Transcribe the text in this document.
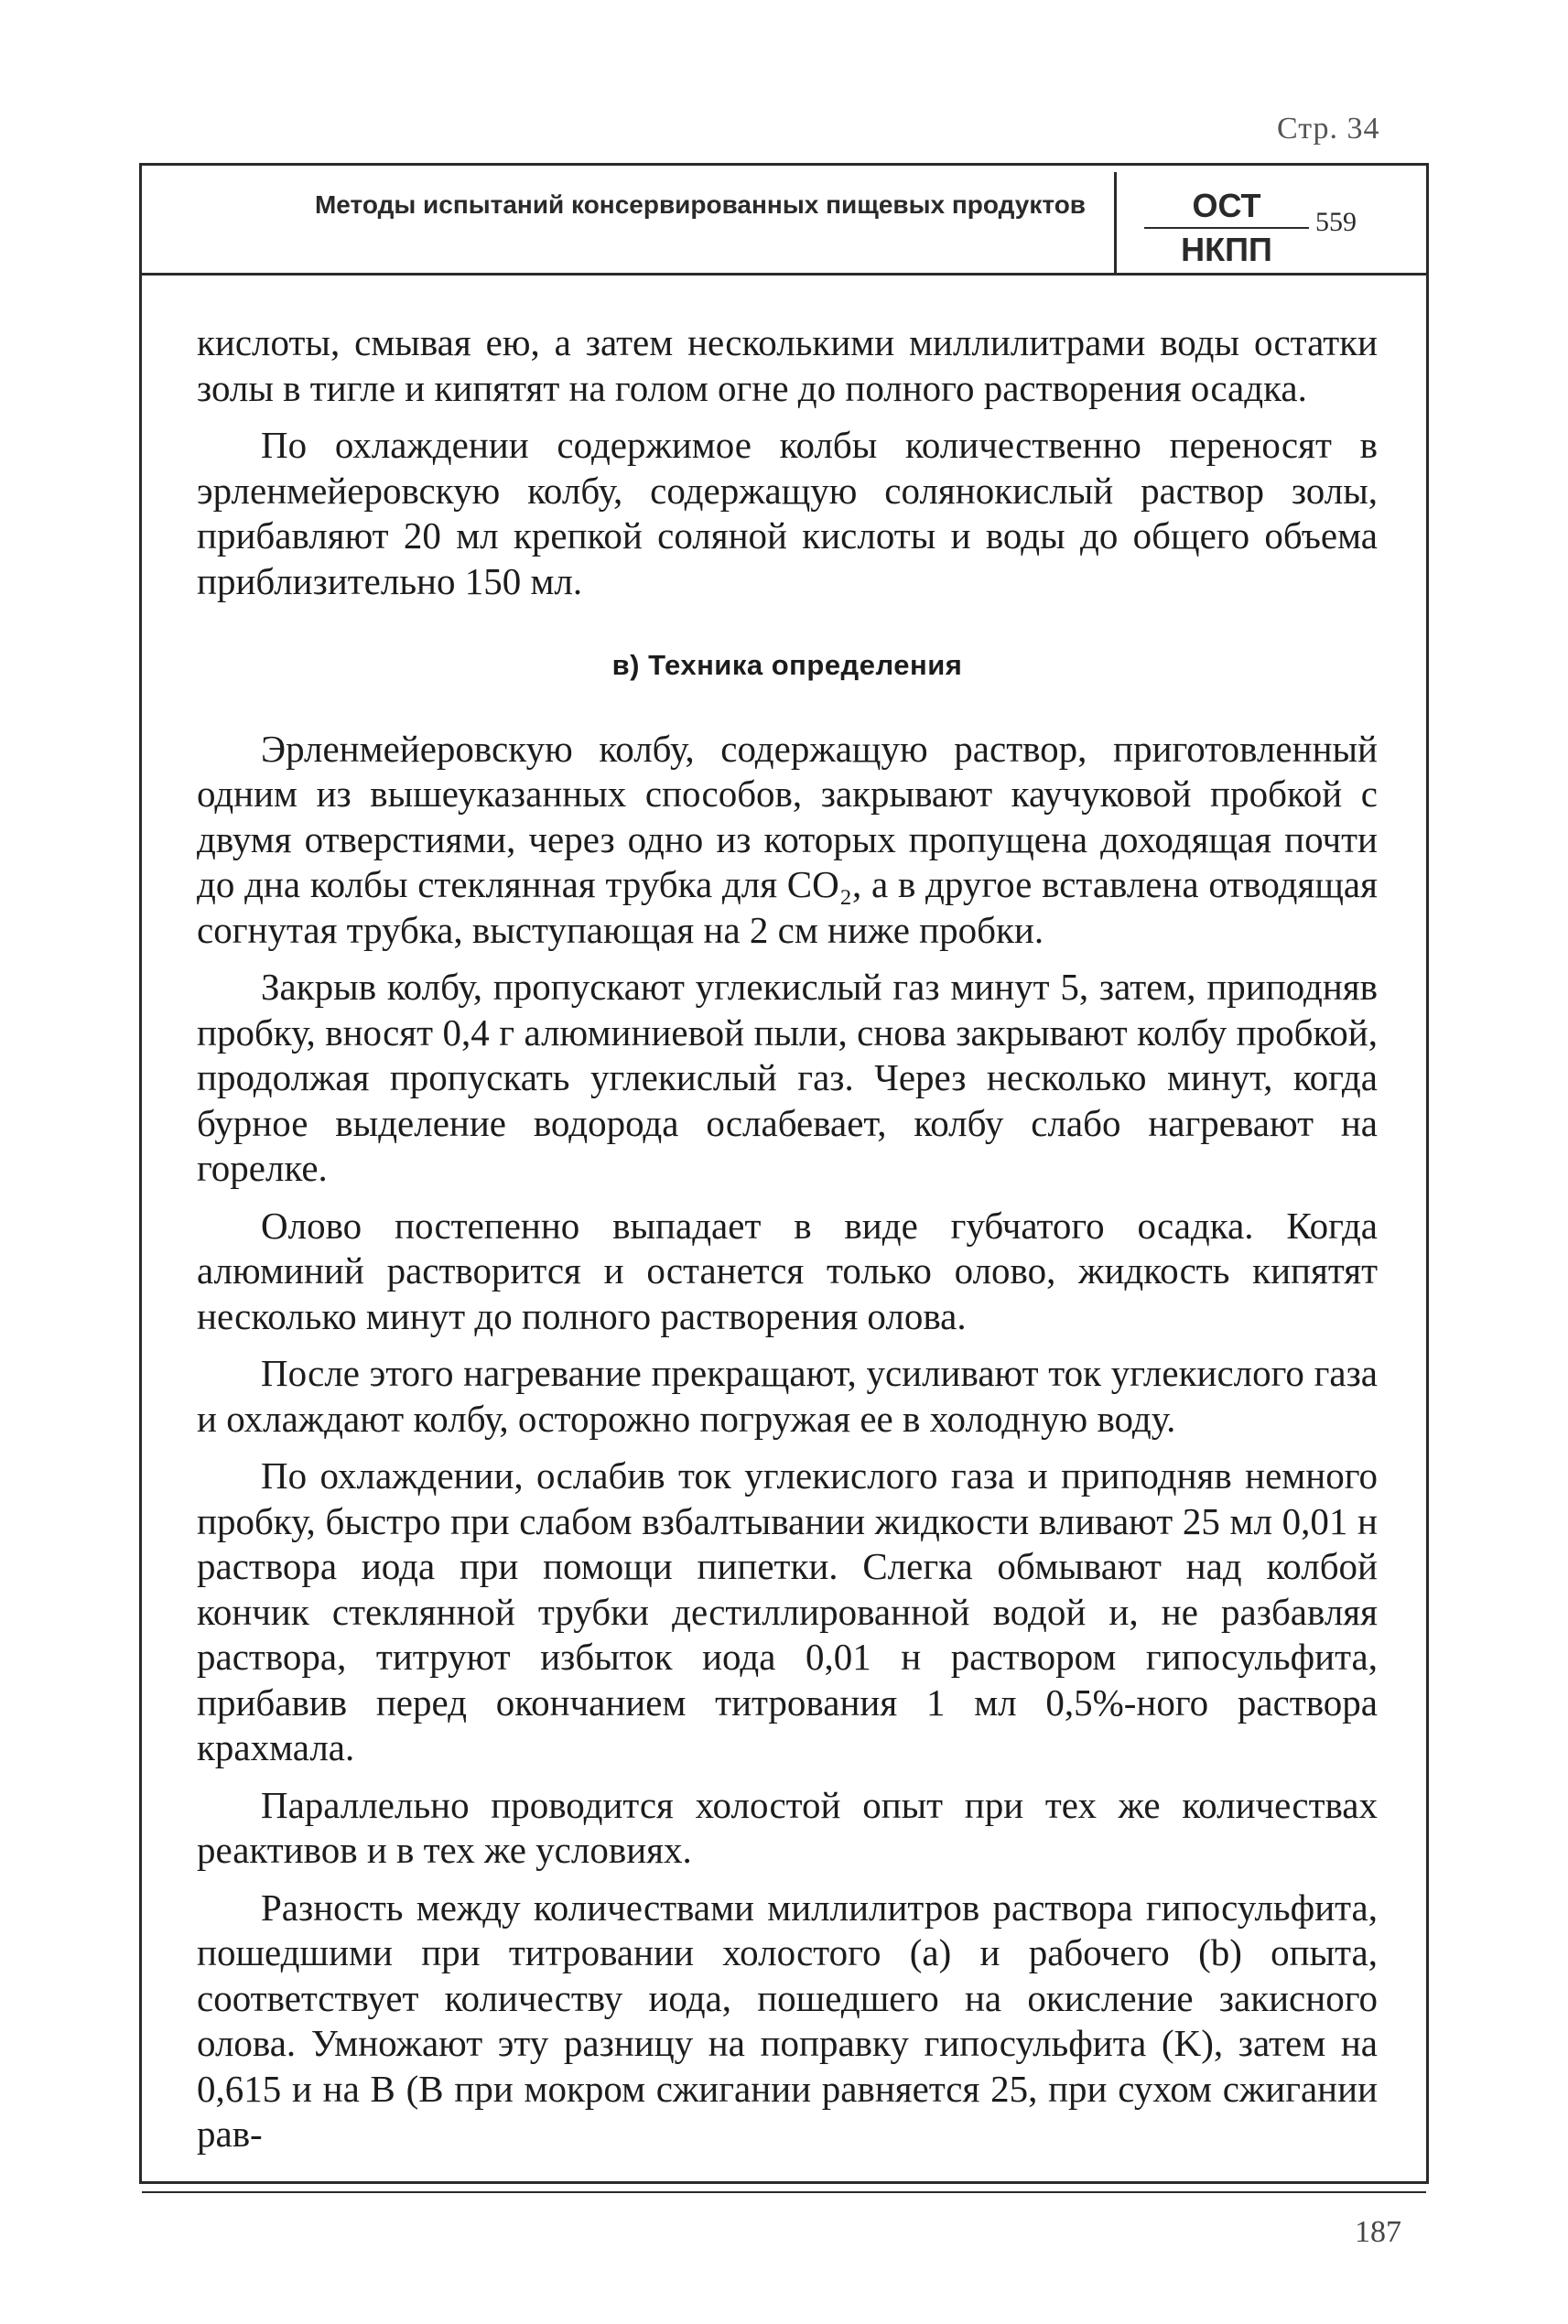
Стр. 34
Методы испытаний консервированных пищевых продуктов	ОСТ
НКПП
559

кислоты, смывая ею, а затем несколькими миллилитрами воды остатки золы в тигле и кипятят на голом огне до полного растворения осадка.

По охлаждении содержимое колбы количественно переносят в эрленмейеровскую колбу, содержащую солянокислый раствор золы, прибавляют 20 мл крепкой соляной кислоты и воды до общего объема приблизительно 150 мл.

в) Техника определения

Эрленмейеровскую колбу, содержащую раствор, приготовленный одним из вышеуказанных способов, закрывают каучуковой пробкой с двумя отверстиями, через одно из которых пропущена доходящая почти до дна колбы стеклянная трубка для CO₂, а в другое вставлена отводящая согнутая трубка, выступающая на 2 см ниже пробки.

Закрыв колбу, пропускают углекислый газ минут 5, затем, приподняв пробку, вносят 0,4 г алюминиевой пыли, снова закрывают колбу пробкой, продолжая пропускать углекислый газ. Через несколько минут, когда бурное выделение водорода ослабевает, колбу слабо нагревают на горелке.

Олово постепенно выпадает в виде губчатого осадка. Когда алюминий растворится и останется только олово, жидкость кипятят несколько минут до полного растворения олова.

После этого нагревание прекращают, усиливают ток углекислого газа и охлаждают колбу, осторожно погружая ее в холодную воду.

По охлаждении, ослабив ток углекислого газа и приподняв немного пробку, быстро при слабом взбалтывании жидкости вливают 25 мл 0,01 н раствора иода при помощи пипетки. Слегка обмывают над колбой кончик стеклянной трубки дестиллированной водой и, не разбавляя раствора, титруют избыток иода 0,01 н раствором гипосульфита, прибавив перед окончанием титрования 1 мл 0,5%-ного раствора крахмала.

Параллельно проводится холостой опыт при тех же количествах реактивов и в тех же условиях.

Разность между количествами миллилитров раствора гипосульфита, пошедшими при титровании холостого (a) и рабочего (b) опыта, соответствует количеству иода, пошедшего на окисление закисного олова. Умножают эту разницу на поправку гипосульфита (K), затем на 0,615 и на B (B при мокром сжигании равняется 25, при сухом сжигании рав-

187
